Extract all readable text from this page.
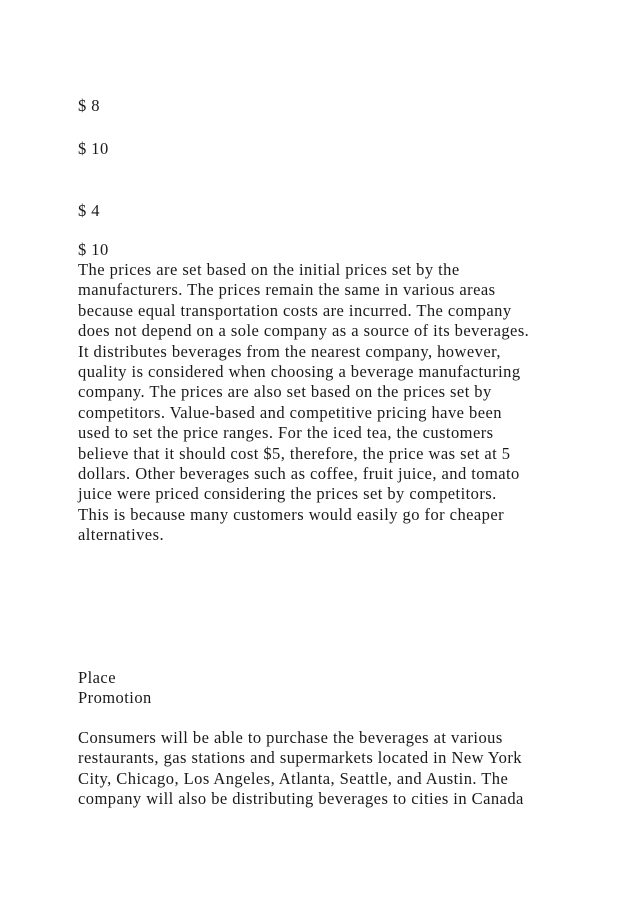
$ 8
$ 10
$ 4
$ 10
The prices are set based on the initial prices set by the
manufacturers. The prices remain the same in various areas
because equal transportation costs are incurred. The company
does not depend on a sole company as a source of its beverages.
It distributes beverages from the nearest company, however,
quality is considered when choosing a beverage manufacturing
company. The prices are also set based on the prices set by
competitors. Value-based and competitive pricing have been
used to set the price ranges. For the iced tea, the customers
believe that it should cost $5, therefore, the price was set at 5
dollars. Other beverages such as coffee, fruit juice, and tomato
juice were priced considering the prices set by competitors.
This is because many customers would easily go for cheaper
alternatives.
Place
Promotion
Consumers will be able to purchase the beverages at various
restaurants, gas stations and supermarkets located in New York
City, Chicago, Los Angeles, Atlanta, Seattle, and Austin. The
company will also be distributing beverages to cities in Canada
